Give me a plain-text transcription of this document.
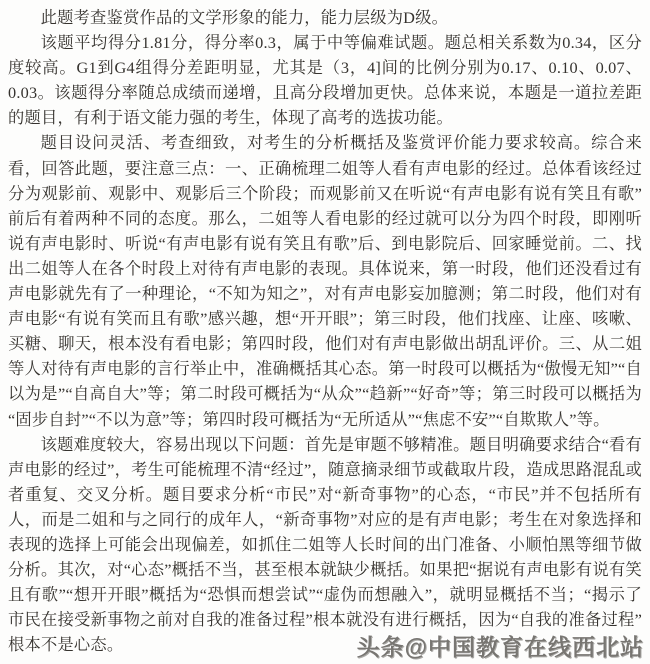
此题考查鉴赏作品的文学形象的能力，能力层级为D级。

该题平均得分1.81分，得分率0.3，属于中等偏难试题。题总相关系数为0.34，区分度较高。G1到G4组得分差距明显，尤其是（3，4]间的比例分别为0.17、0.10、0.07、0.03。该题得分率随总成绩而递增，且高分段增加更快。总体来说，本题是一道拉差距的题目，有利于语文能力强的考生，体现了高考的选拔功能。

题目设问灵活、考查细致，对考生的分析概括及鉴赏评价能力要求较高。综合来看，回答此题，要注意三点：一、正确梳理二姐等人看有声电影的经过。总体看该经过分为观影前、观影中、观影后三个阶段；而观影前又在听说“有声电影有说有笑且有歌”前后有着两种不同的态度。那么，二姐等人看电影的经过就可以分为四个时段，即刚听说有声电影时、听说“有声电影有说有笑且有歌”后、到电影院后、回家睡觉前。二、找出二姐等人在各个时段上对待有声电影的表现。具体说来，第一时段，他们还没看过有声电影就先有了一种理论，“不知为知之”，对有声电影妄加臆测；第二时段，他们对有声电影“有说有笑而且有歌”感兴趣，想“开开眼”；第三时段，他们找座、让座、咳嗽、买糖、聊天，根本没有看电影；第四时段，他们对有声电影做出胡乱评价。三、从二姐等人对待有声电影的言行举止中，准确概括其心态。第一时段可以概括为“傲慢无知”“自以为是”“自高自大”等；第二时段可概括为“从众”“趋新”“好奇”等；第三时段可以概括为“固步自封”“不以为意”等；第四时段可概括为“无所适从”“焦虑不安”“自欺欺人”等。

该题难度较大，容易出现以下问题：首先是审题不够精准。题目明确要求结合“看有声电影的经过”，考生可能梳理不清“经过”，随意摘录细节或截取片段，造成思路混乱或者重复、交叉分析。题目要求分析“市民”对“新奇事物”的心态，“市民”并不包括所有人，而是二姐和与之同行的成年人，“新奇事物”对应的是有声电影；考生在对象选择和表现的选择上可能会出现偏差，如抓住二姐等人长时间的出门准备、小顺怕黑等细节做分析。其次，对“心态”概括不当，甚至根本就缺少概括。如果把“据说有声电影有说有笑且有歌”“想开开眼”概括为“恐惧而想尝试”“虚伪而想融入”，就明显概括不当；“揭示了市民在接受新事物之前对自我的准备过程”根本就没有进行概括，因为“自我的准备过程”根本不是心态。	头条@中国教育在线西北站
